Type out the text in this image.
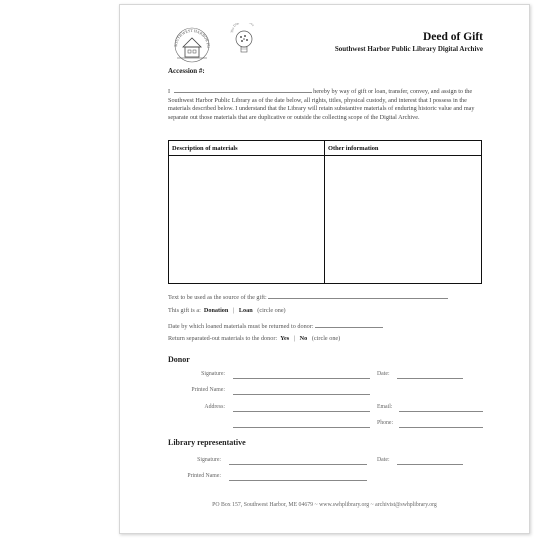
SOUTHWEST HARBOR PU
The Dig ive
Deed of Gift
Southwest Harbor Public Library Digital Archive
Accession #:
I	hereby by way of gift or loan, transfer, convey, and assign to the Southwest Harbor Public Library as of the date below, all rights, titles, physical custody, and interest that I possess in the materials described below. I understand that the Library will retain substantive materials of enduring historic value and may separate out those materials that are duplicative or outside the collecting scope of the Digital Archive.
Description of materials	Other information

Text to be used as the source of the gift:
This gift is a: Donation | Loan (circle one)
Date by which loaned materials must be returned to donor:
Return separated-out materials to the donor: Yes | No (circle one)
Donor
Signature:	Date:
Printed Name:
Address:	Email:
Phone:
Library representative
Signature:	Date:
Printed Name:
PO Box 157, Southwest Harbor, ME 04679 ~ www.swhplibrary.org ~ archivist@swhplibrary.org
